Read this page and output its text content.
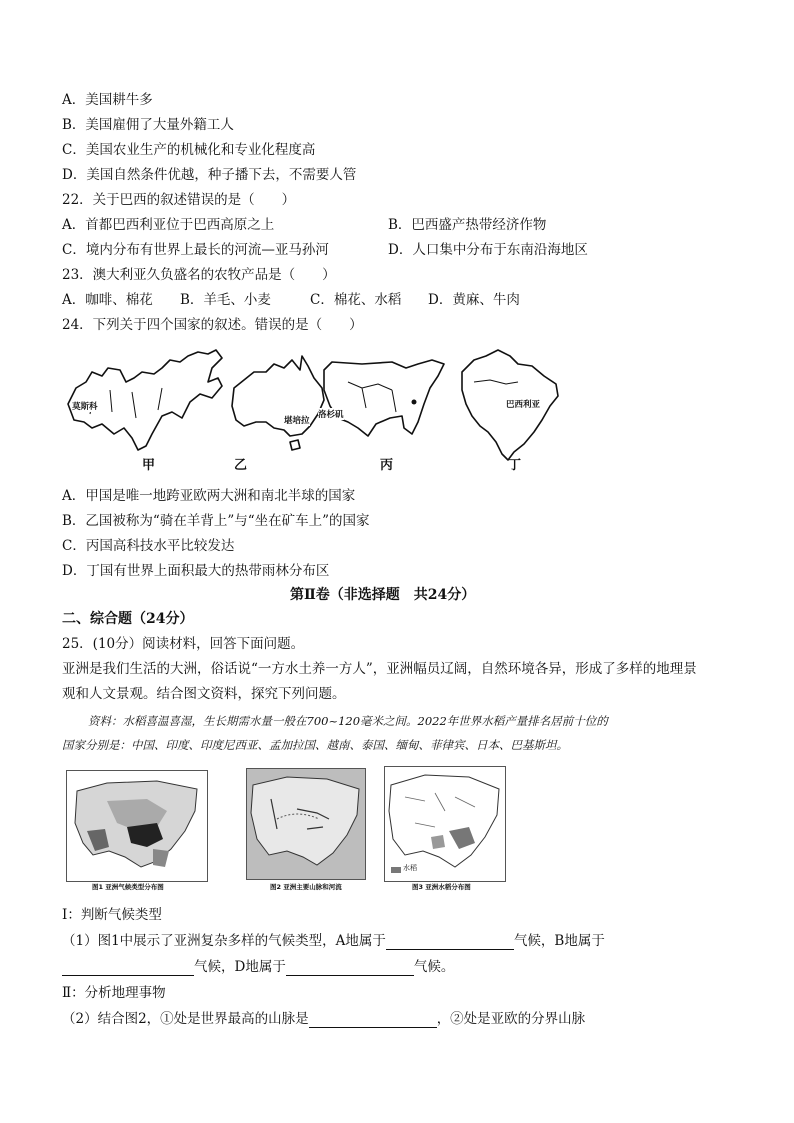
A．美国耕牛多
B．美国雇佣了大量外籍工人
C．美国农业生产的机械化和专业化程度高
D．美国自然条件优越，种子播下去，不需要人管
22．关于巴西的叙述错误的是（　　）
A．首都巴西利亚位于巴西高原之上	B．巴西盛产热带经济作物
C．境内分布有世界上最长的河流—亚马孙河	D．人口集中分布于东南沿海地区
23．澳大利亚久负盛名的农牧产品是（　　）
A．咖啡、棉花 B．羊毛、小麦	C．棉花、水稻 D．黄麻、牛肉
24．下列关于四个国家的叙述。错误的是（　　）
莫斯科
堪培拉
洛杉矶
巴西利亚
甲	乙	丙	丁
A．甲国是唯一地跨亚欧两大洲和南北半球的国家
B．乙国被称为“骑在羊背上”与“坐在矿车上”的国家
C．丙国高科技水平比较发达
D．丁国有世界上面积最大的热带雨林分布区
第Ⅱ卷（非选择题　共24分）
二、综合题（24分）
25．(10分）阅读材料，回答下面问题。
亚洲是我们生活的大洲，俗话说“一方水土养一方人”，亚洲幅员辽阔，自然环境各异，形成了多样的地理景
观和人文景观。结合图文资料，探究下列问题。
资料：水稻喜温喜湿，生长期需水量一般在700~120毫米之间。2022年世界水稻产量排名居前十位的
国家分别是：中国、印度、印度尼西亚、孟加拉国、越南、泰国、缅甸、菲律宾、日本、巴基斯坦。
图1 亚洲气候类型分布图	图2 亚洲主要山脉和河流
水稻
图3 亚洲水稻分布图
Ⅰ：判断气候类型
（1）图1中展示了亚洲复杂多样的气候类型，A地属于	气候，B地属于
气候，D地属于	气候。
Ⅱ：分析地理事物
（2）结合图2，①处是世界最高的山脉是	，②处是亚欧的分界山脉
